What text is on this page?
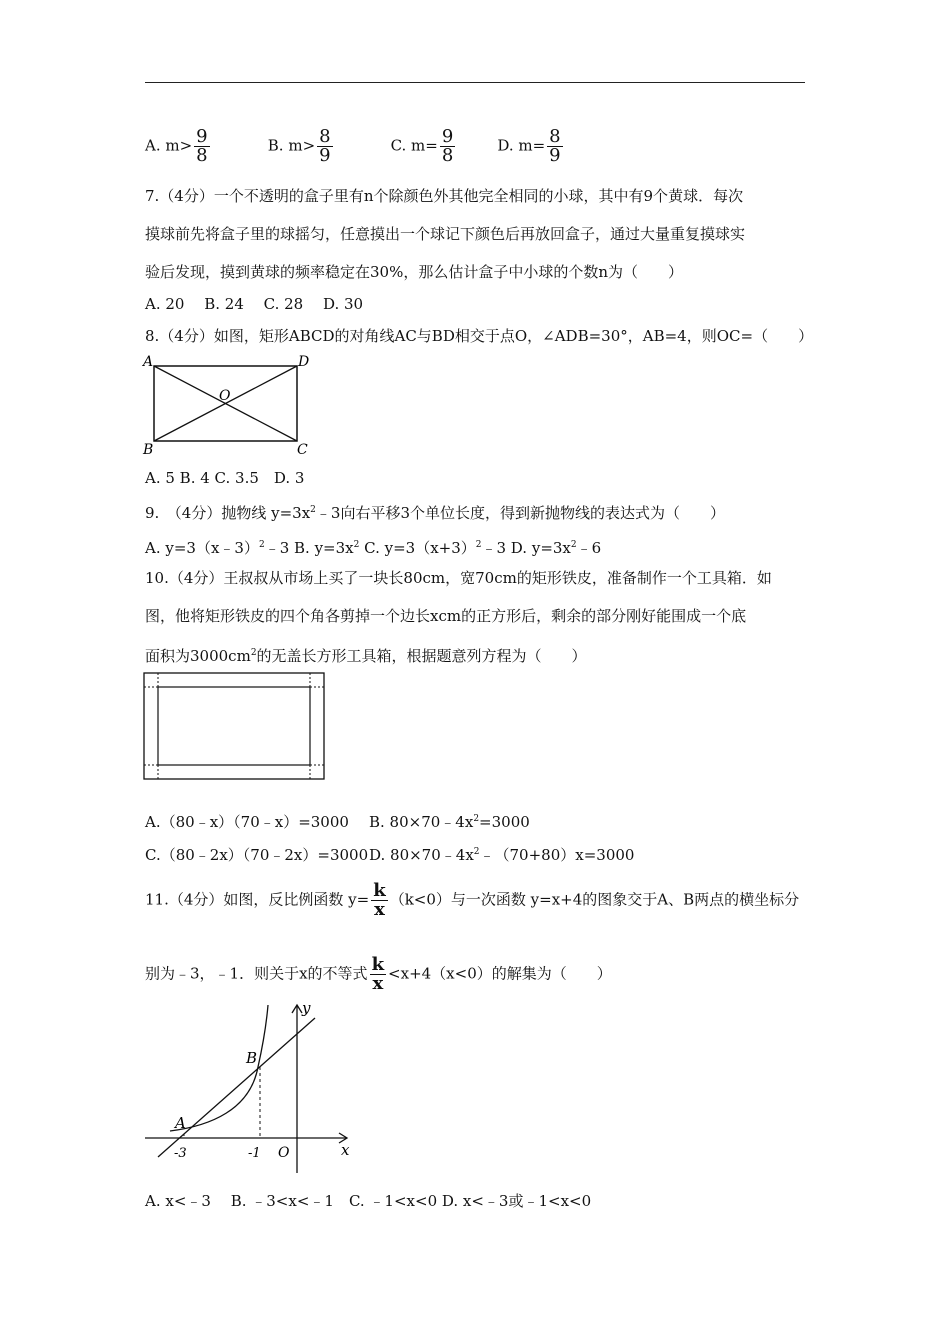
A. $m> \frac{9}{8}$	B. $m> \frac{8}{9}$	C. $m= \frac{9}{8}$	D. $m= \frac{8}{9}$
7.（4分）一个不透明的盒子里有n个除颜色外其他完全相同的小球，其中有9个黄球．每次
摸球前先将盒子里的球摇匀，任意摸出一个球记下颜色后再放回盒子，通过大量重复摸球实
验后发现，摸到黄球的频率稳定在30%，那么估计盒子中小球的个数n为（　　）
A. 20　 B. 24　 C. 28　 D. 30
8.（4分）如图，矩形ABCD的对角线AC与BD相交于点O，∠ADB=30°，AB=4，则OC=（　　）
A	D
B	C
O
A. 5 B. 4 C. 3.5　D. 3
9.　（4分）抛物线 $y=3x^2﹣3$向右平移3个单位长度，得到新抛物线的表达式为（　　）
A. y=3（x﹣3）$^2$﹣3 B. $y=3x^2$ C. $y=3(x+3)^2﹣3$ D. $y=3x^2﹣6$
10.（4分）王叔叔从市场上买了一块长80cm，宽70cm的矩形铁皮，准备制作一个工具箱．如
图，他将矩形铁皮的四个角各剪掉一个边长xcm的正方形后，剩余的部分刚好能围成一个底
面积为$3000cm^2$的无盖长方形工具箱，根据题意列方程为（　　）
A.（80﹣x）（70﹣x）=3000 B. $80\times 70﹣4x^2=3000$
C.（80﹣2x）（70﹣2x）=3000D. $80\times 70﹣4x^2﹣(70+80)x=3000$
11.（4分）如图，反比例函数 $y= \frac{k}{x} (k<0)$与一次函数 y=x+4的图象交于A、B两点的横坐标分
别为﹣3，﹣1．则关于x的不等式 $\frac{k}{x} <x+4(x<0)$的解集为（　　）
y
x
A
B
O
-3	-1
A. x<﹣3　 B. ﹣3<x<﹣1　C. ﹣1<x<0 D. x<﹣3或﹣1<x<0
